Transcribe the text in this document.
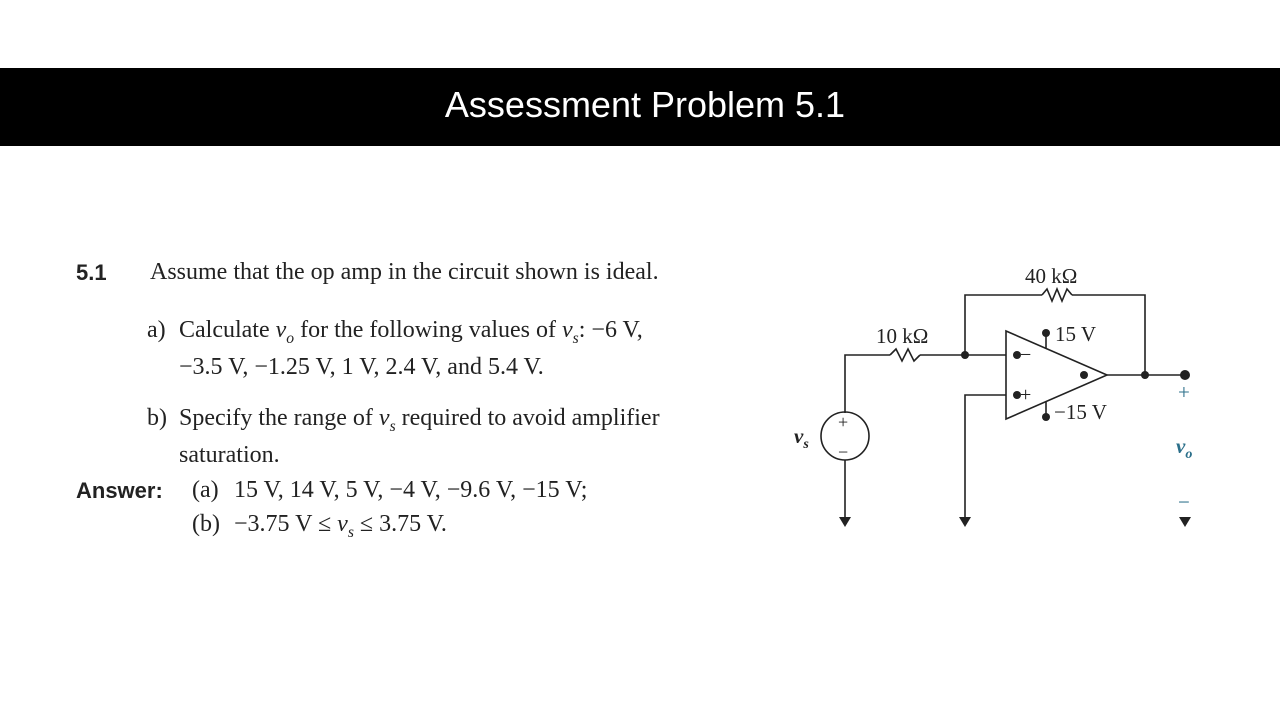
Assessment Problem 5.1
5.1 Assume that the op amp in the circuit shown is ideal.
a) Calculate $v_o$ for the following values of $v_s$: −6 V, −3.5 V, −1.25 V, 1 V, 2.4 V, and 5.4 V.
b) Specify the range of $v_s$ required to avoid amplifier saturation.
Answer: (a) 15 V, 14 V, 5 V, −4 V, −9.6 V, −15 V;
(b) −3.75 $V \le v_s \le 3.75$ V.
40 kΩ
10 kΩ	15 V
−15 V
−
+
+
−
$v_s$
+
$v_o$
−
